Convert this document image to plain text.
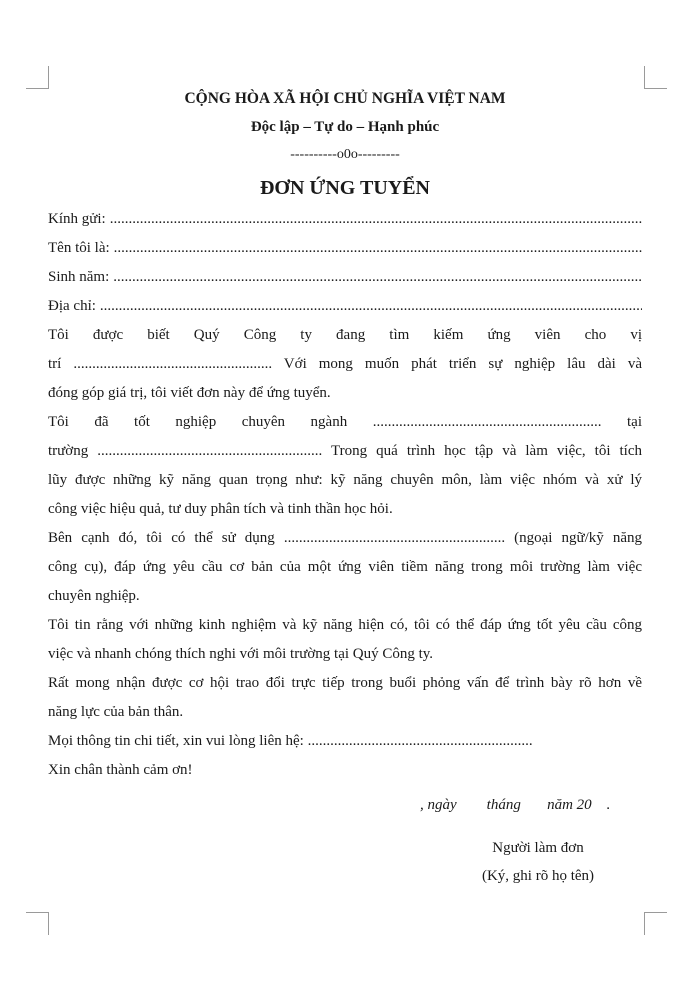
CỘNG HÒA XÃ HỘI CHỦ NGHĨA VIỆT NAM
Độc lập – Tự do – Hạnh phúc
----------o0o---------
ĐƠN ỨNG TUYỂN
Kính gửi:
.....
Tên tôi là:
.....
Sinh năm:
.....
Địa chỉ:
.....
Tôi được biết Quý Công ty đang tìm kiếm ứng viên cho vị
trí ..................................................... Với mong muốn phát triển sự nghiệp lâu dài và
đóng góp giá trị, tôi viết đơn này để ứng tuyển.
Tôi đã tốt nghiệp chuyên ngành ............................................................. tại
trường ............................................................ Trong quá trình học tập và làm việc, tôi tích
lũy được những kỹ năng quan trọng như: kỹ năng chuyên môn, làm việc nhóm và xử lý
công việc hiệu quả, tư duy phân tích và tinh thần học hỏi.
Bên cạnh đó, tôi có thể sử dụng ........................................................... (ngoại ngữ/kỹ năng
công cụ), đáp ứng yêu cầu cơ bản của một ứng viên tiềm năng trong môi trường làm việc
chuyên nghiệp.
Tôi tin rằng với những kinh nghiệm và kỹ năng hiện có, tôi có thể đáp ứng tốt yêu cầu công
việc và nhanh chóng thích nghi với môi trường tại Quý Công ty.
Rất mong nhận được cơ hội trao đổi trực tiếp trong buổi phỏng vấn để trình bày rõ hơn về
năng lực của bản thân.
Mọi thông tin chi tiết, xin vui lòng liên hệ: ............................................................
Xin chân thành cảm ơn!
, ngày        tháng       năm 20    .
Người làm đơn
(Ký, ghi rõ họ tên)
